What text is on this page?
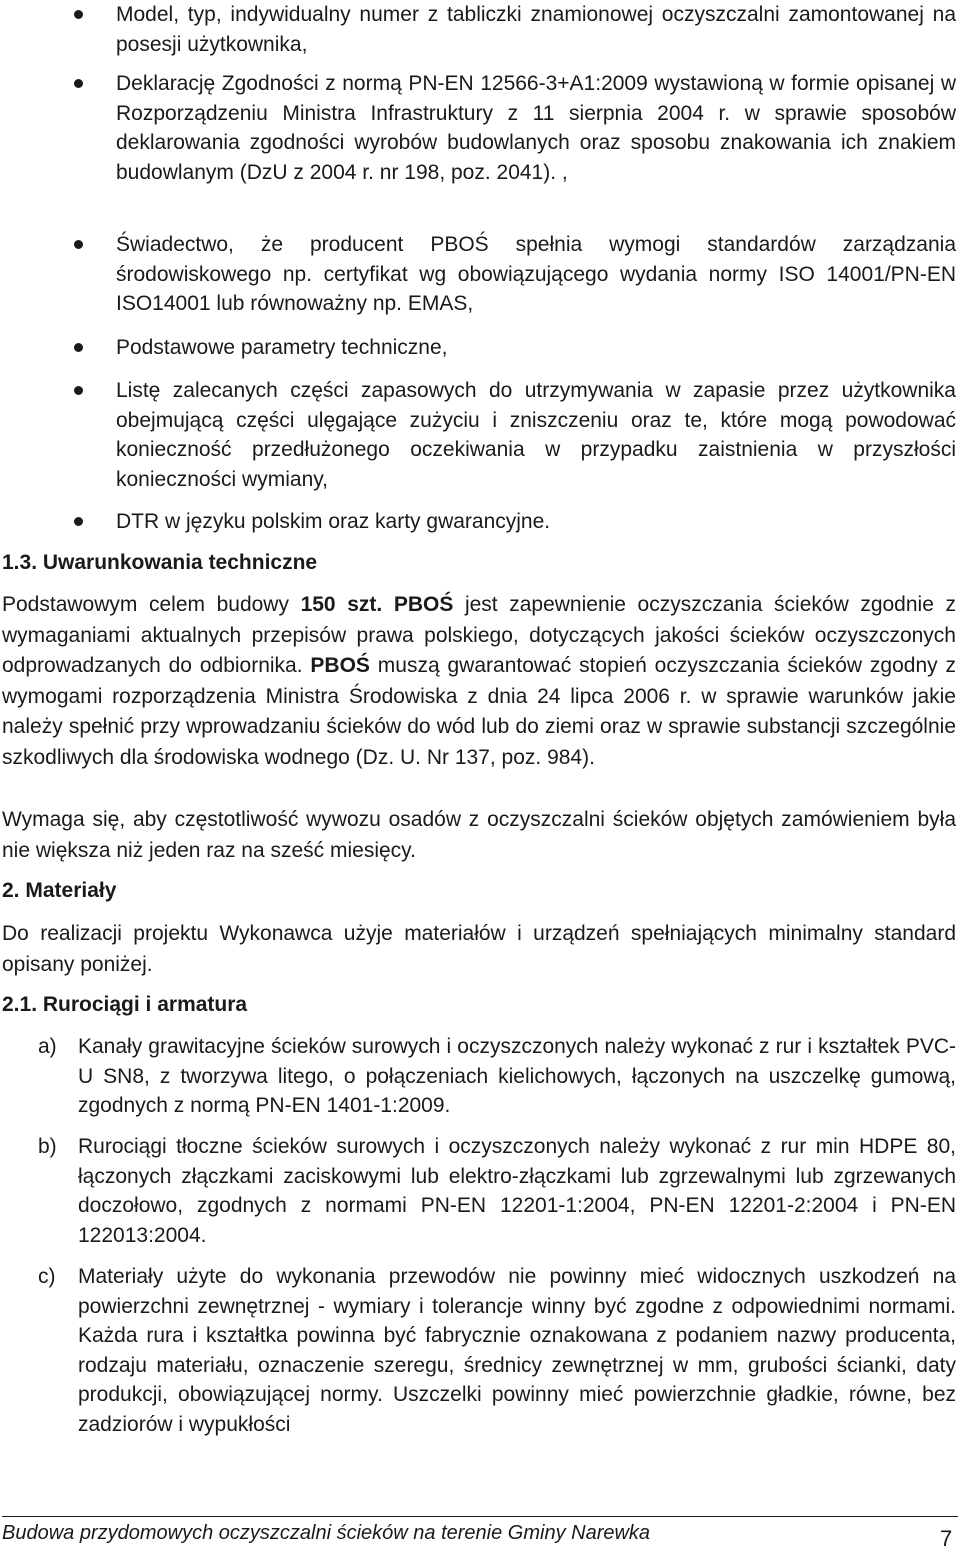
Model, typ, indywidualny numer z tabliczki znamionowej oczyszczalni zamontowanej na posesji użytkownika,
Deklarację Zgodności z normą PN-EN 12566-3+A1:2009 wystawioną w formie opisanej w Rozporządzeniu Ministra Infrastruktury z 11 sierpnia 2004 r. w sprawie sposobów deklarowania zgodności wyrobów budowlanych oraz sposobu znakowania ich znakiem budowlanym (DzU z 2004 r. nr 198, poz. 2041). ,
Świadectwo, że producent PBOŚ spełnia wymogi standardów zarządzania środowiskowego np. certyfikat wg obowiązującego wydania normy ISO 14001/PN-EN ISO14001 lub równoważny np. EMAS,
Podstawowe parametry techniczne,
Listę zalecanych części zapasowych do utrzymywania w zapasie przez użytkownika obejmującą części ulęgające zużyciu i zniszczeniu oraz te, które mogą powodować konieczność przedłużonego oczekiwania w przypadku zaistnienia w przyszłości konieczności wymiany,
DTR w języku polskim oraz karty gwarancyjne.
1.3. Uwarunkowania techniczne
Podstawowym celem budowy 150 szt. PBOŚ jest zapewnienie oczyszczania ścieków zgodnie z wymaganiami aktualnych przepisów prawa polskiego, dotyczących jakości ścieków oczyszczonych odprowadzanych do odbiornika. PBOŚ muszą gwarantować stopień oczyszczania ścieków zgodny z wymogami rozporządzenia Ministra Środowiska z dnia 24 lipca 2006 r. w sprawie warunków jakie należy spełnić przy wprowadzaniu ścieków do wód lub do ziemi oraz w sprawie substancji szczególnie szkodliwych dla środowiska wodnego (Dz. U. Nr 137, poz. 984).
Wymaga się, aby częstotliwość wywozu osadów z oczyszczalni ścieków objętych zamówieniem była nie większa niż jeden raz na sześć miesięcy.
2. Materiały
Do realizacji projektu Wykonawca użyje materiałów i urządzeń spełniających minimalny standard opisany poniżej.
2.1. Rurociągi i armatura
a) Kanały grawitacyjne ścieków surowych i oczyszczonych należy wykonać z rur i kształtek PVC-U SN8, z tworzywa litego, o połączeniach kielichowych, łączonych na uszczelkę gumową, zgodnych z normą PN-EN 1401-1:2009.
b) Rurociągi tłoczne ścieków surowych i oczyszczonych należy wykonać z rur min HDPE 80, łączonych złączkami zaciskowymi lub elektro-złączkami lub zgrzewalnymi lub zgrzewanych doczołowo, zgodnych z normami PN-EN 12201-1:2004, PN-EN 12201-2:2004 i PN-EN 122013:2004.
c) Materiały użyte do wykonania przewodów nie powinny mieć widocznych uszkodzeń na powierzchni zewnętrznej - wymiary i tolerancje winny być zgodne z odpowiednimi normami. Każda rura i kształtka powinna być fabrycznie oznakowana z podaniem nazwy producenta, rodzaju materiału, oznaczenie szeregu, średnicy zewnętrznej w mm, grubości ścianki, daty produkcji, obowiązującej normy. Uszczelki powinny mieć powierzchnie gładkie, równe, bez zadziorów i wypukłości
Budowa przydomowych oczyszczalni ścieków na terenie Gminy Narewka	7
